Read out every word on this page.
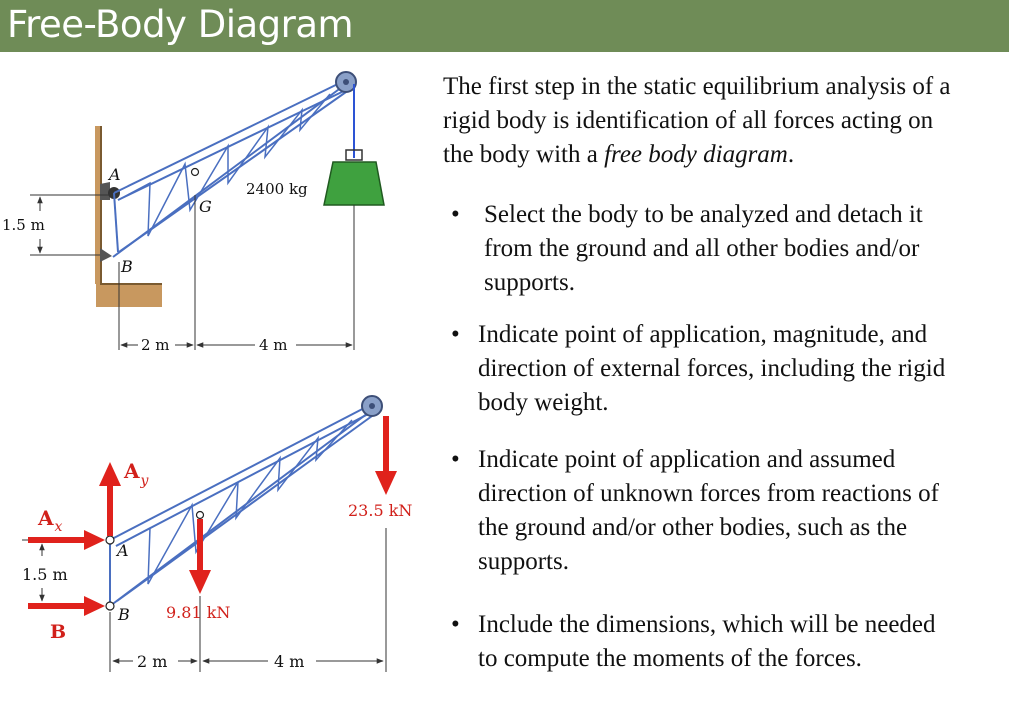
Free-Body Diagram
A
B
G
2400 kg
1.5 m
2 m	4 m
$A_y$
$A_x$
B
A
B
1.5 m
9.81 kN
23.5 kN
2 m	4 m
The first step in the static equilibrium analysis of a
rigid body is identification of all forces acting on
the body with a free body diagram.
• Select the body to be analyzed and detach it
from the ground and all other bodies and/or
supports.
• Indicate point of application, magnitude, and
direction of external forces, including the rigid
body weight.
• Indicate point of application and assumed
direction of unknown forces from reactions of
the ground and/or other bodies, such as the
supports.
• Include the dimensions, which will be needed
to compute the moments of the forces.
